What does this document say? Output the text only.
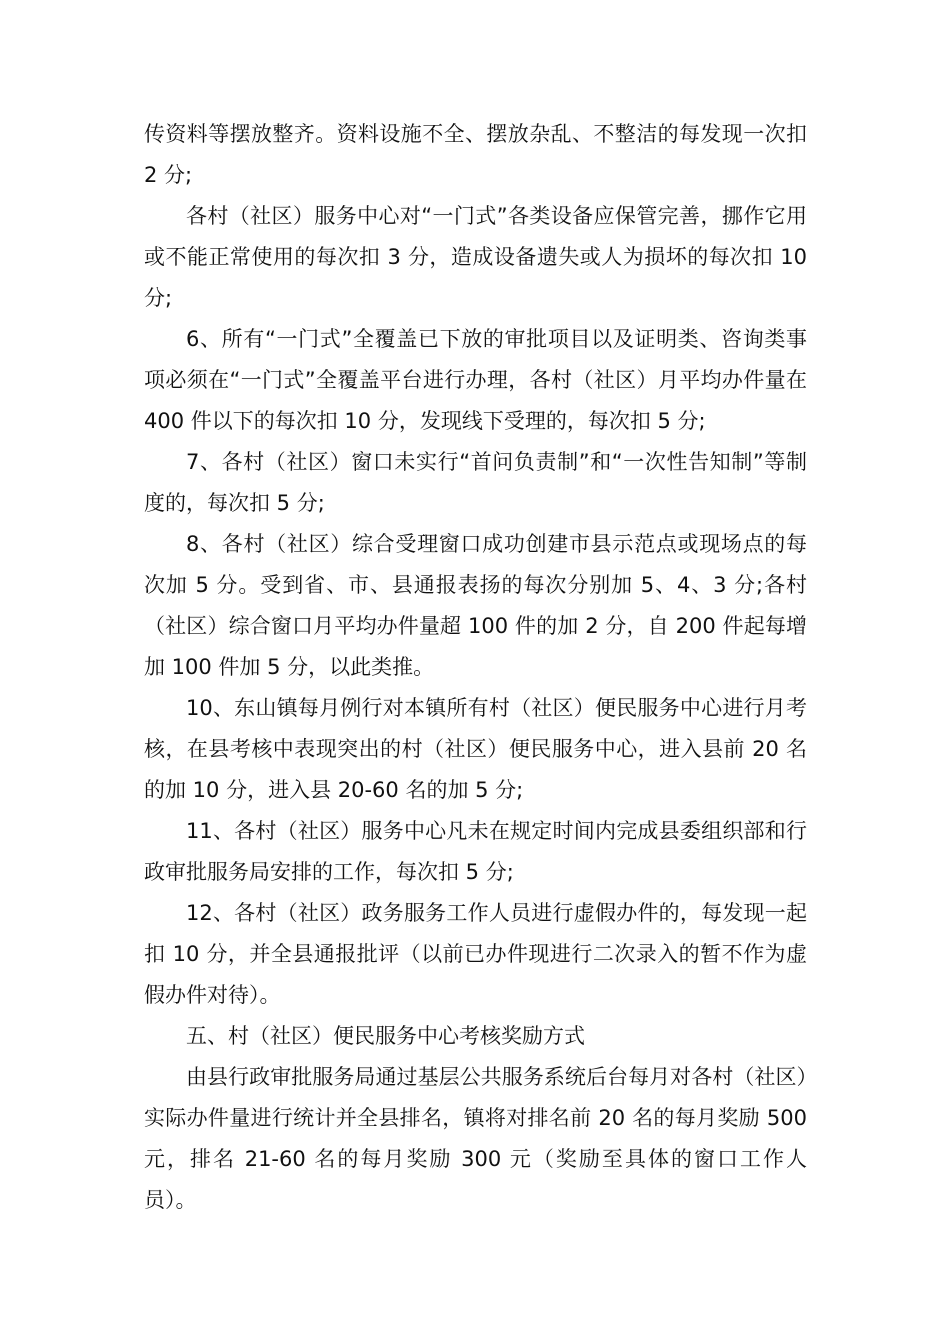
传资料等摆放整齐。资料设施不全、摆放杂乱、不整洁的每发现一次扣 2 分;

各村（社区）服务中心对“一门式”各类设备应保管完善，挪作它用或不能正常使用的每次扣 3 分，造成设备遗失或人为损坏的每次扣 10 分;

6、所有“一门式”全覆盖已下放的审批项目以及证明类、咨询类事项必须在“一门式”全覆盖平台进行办理，各村（社区）月平均办件量在 400 件以下的每次扣 10 分，发现线下受理的，每次扣 5 分;

7、各村（社区）窗口未实行“首问负责制”和“一次性告知制”等制度的，每次扣 5 分;

8、各村（社区）综合受理窗口成功创建市县示范点或现场点的每次加 5 分。受到省、市、县通报表扬的每次分别加 5、4、3 分;各村（社区）综合窗口月平均办件量超 100 件的加 2 分，自 200 件起每增加 100 件加 5 分，以此类推。

10、东山镇每月例行对本镇所有村（社区）便民服务中心进行月考核，在县考核中表现突出的村（社区）便民服务中心，进入县前 20 名的加 10 分，进入县 20-60 名的加 5 分;

11、各村（社区）服务中心凡未在规定时间内完成县委组织部和行政审批服务局安排的工作，每次扣 5 分;

12、各村（社区）政务服务工作人员进行虚假办件的，每发现一起扣 10 分，并全县通报批评（以前已办件现进行二次录入的暂不作为虚假办件对待）。

五、村（社区）便民服务中心考核奖励方式

由县行政审批服务局通过基层公共服务系统后台每月对各村（社区）实际办件量进行统计并全县排名，镇将对排名前 20 名的每月奖励 500 元，排名 21-60 名的每月奖励 300 元（奖励至具体的窗口工作人员）。
